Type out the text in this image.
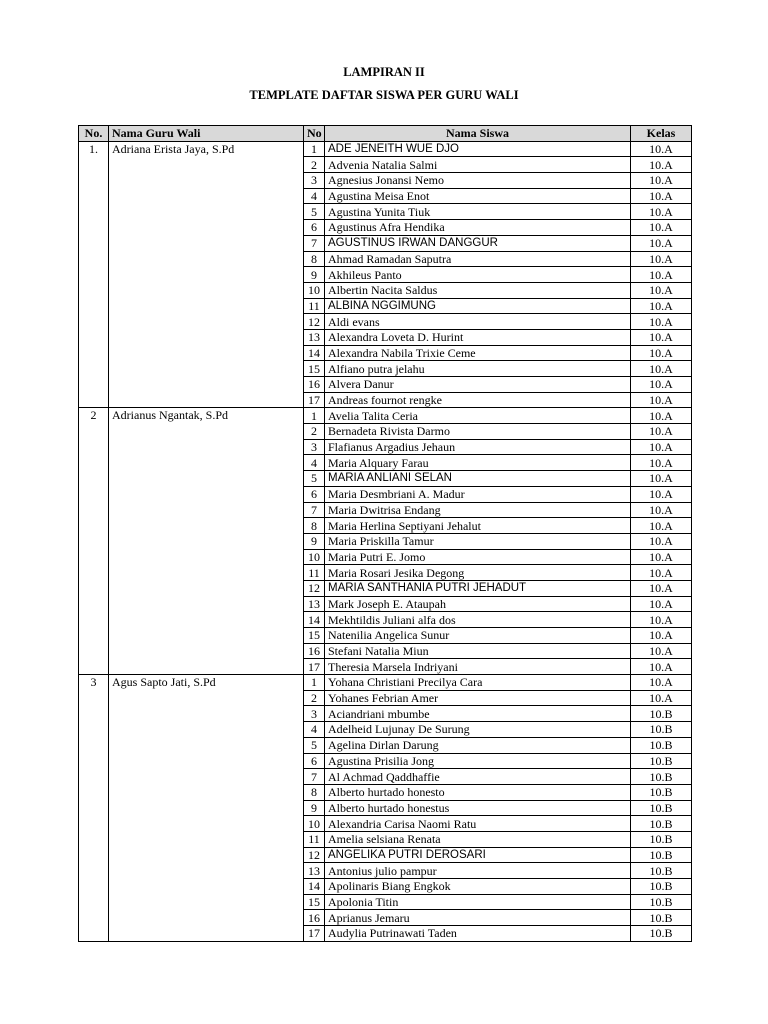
LAMPIRAN II
TEMPLATE DAFTAR SISWA PER GURU WALI
No.	Nama Guru Wali	No	Nama Siswa	Kelas
1.	Adriana Erista Jaya, S.Pd	1	ADE JENEITH WUE DJO	10.A
		2	Advenia Natalia Salmi	10.A
		3	Agnesius Jonansi Nemo	10.A
		4	Agustina Meisa Enot	10.A
		5	Agustina Yunita Tiuk	10.A
		6	Agustinus Afra Hendika	10.A
		7	AGUSTINUS IRWAN DANGGUR	10.A
		8	Ahmad Ramadan Saputra	10.A
		9	Akhileus Panto	10.A
		10	Albertin Nacita Saldus	10.A
		11	ALBINA NGGIMUNG	10.A
		12	Aldi evans	10.A
		13	Alexandra Loveta D. Hurint	10.A
		14	Alexandra Nabila Trixie Ceme	10.A
		15	Alfiano putra jelahu	10.A
		16	Alvera Danur	10.A
		17	Andreas fournot rengke	10.A
2	Adrianus Ngantak, S.Pd	1	Avelia Talita Ceria	10.A
		2	Bernadeta Rivista Darmo	10.A
		3	Flafianus Argadius Jehaun	10.A
		4	Maria Alquary Farau	10.A
		5	MARIA ANLIANI SELAN	10.A
		6	Maria Desmbriani A. Madur	10.A
		7	Maria Dwitrisa Endang	10.A
		8	Maria Herlina Septiyani Jehalut	10.A
		9	Maria Priskilla Tamur	10.A
		10	Maria Putri E. Jomo	10.A
		11	Maria Rosari Jesika Degong	10.A
		12	MARIA SANTHANIA PUTRI JEHADUT	10.A
		13	Mark Joseph E. Ataupah	10.A
		14	Mekhtildis Juliani alfa dos	10.A
		15	Natenilia Angelica Sunur	10.A
		16	Stefani Natalia Miun	10.A
		17	Theresia Marsela Indriyani	10.A
3	Agus Sapto Jati, S.Pd	1	Yohana Christiani Precilya Cara	10.A
		2	Yohanes Febrian Amer	10.A
		3	Aciandriani mbumbe	10.B
		4	Adelheid Lujunay De Surung	10.B
		5	Agelina Dirlan Darung	10.B
		6	Agustina Prisilia Jong	10.B
		7	Al Achmad Qaddhaffie	10.B
		8	Alberto hurtado honesto	10.B
		9	Alberto hurtado honestus	10.B
		10	Alexandria Carisa Naomi Ratu	10.B
		11	Amelia selsiana Renata	10.B
		12	ANGELIKA PUTRI DEROSARI	10.B
		13	Antonius julio pampur	10.B
		14	Apolinaris Biang Engkok	10.B
		15	Apolonia Titin	10.B
		16	Aprianus Jemaru	10.B
		17	Audylia Putrinawati Taden	10.B
